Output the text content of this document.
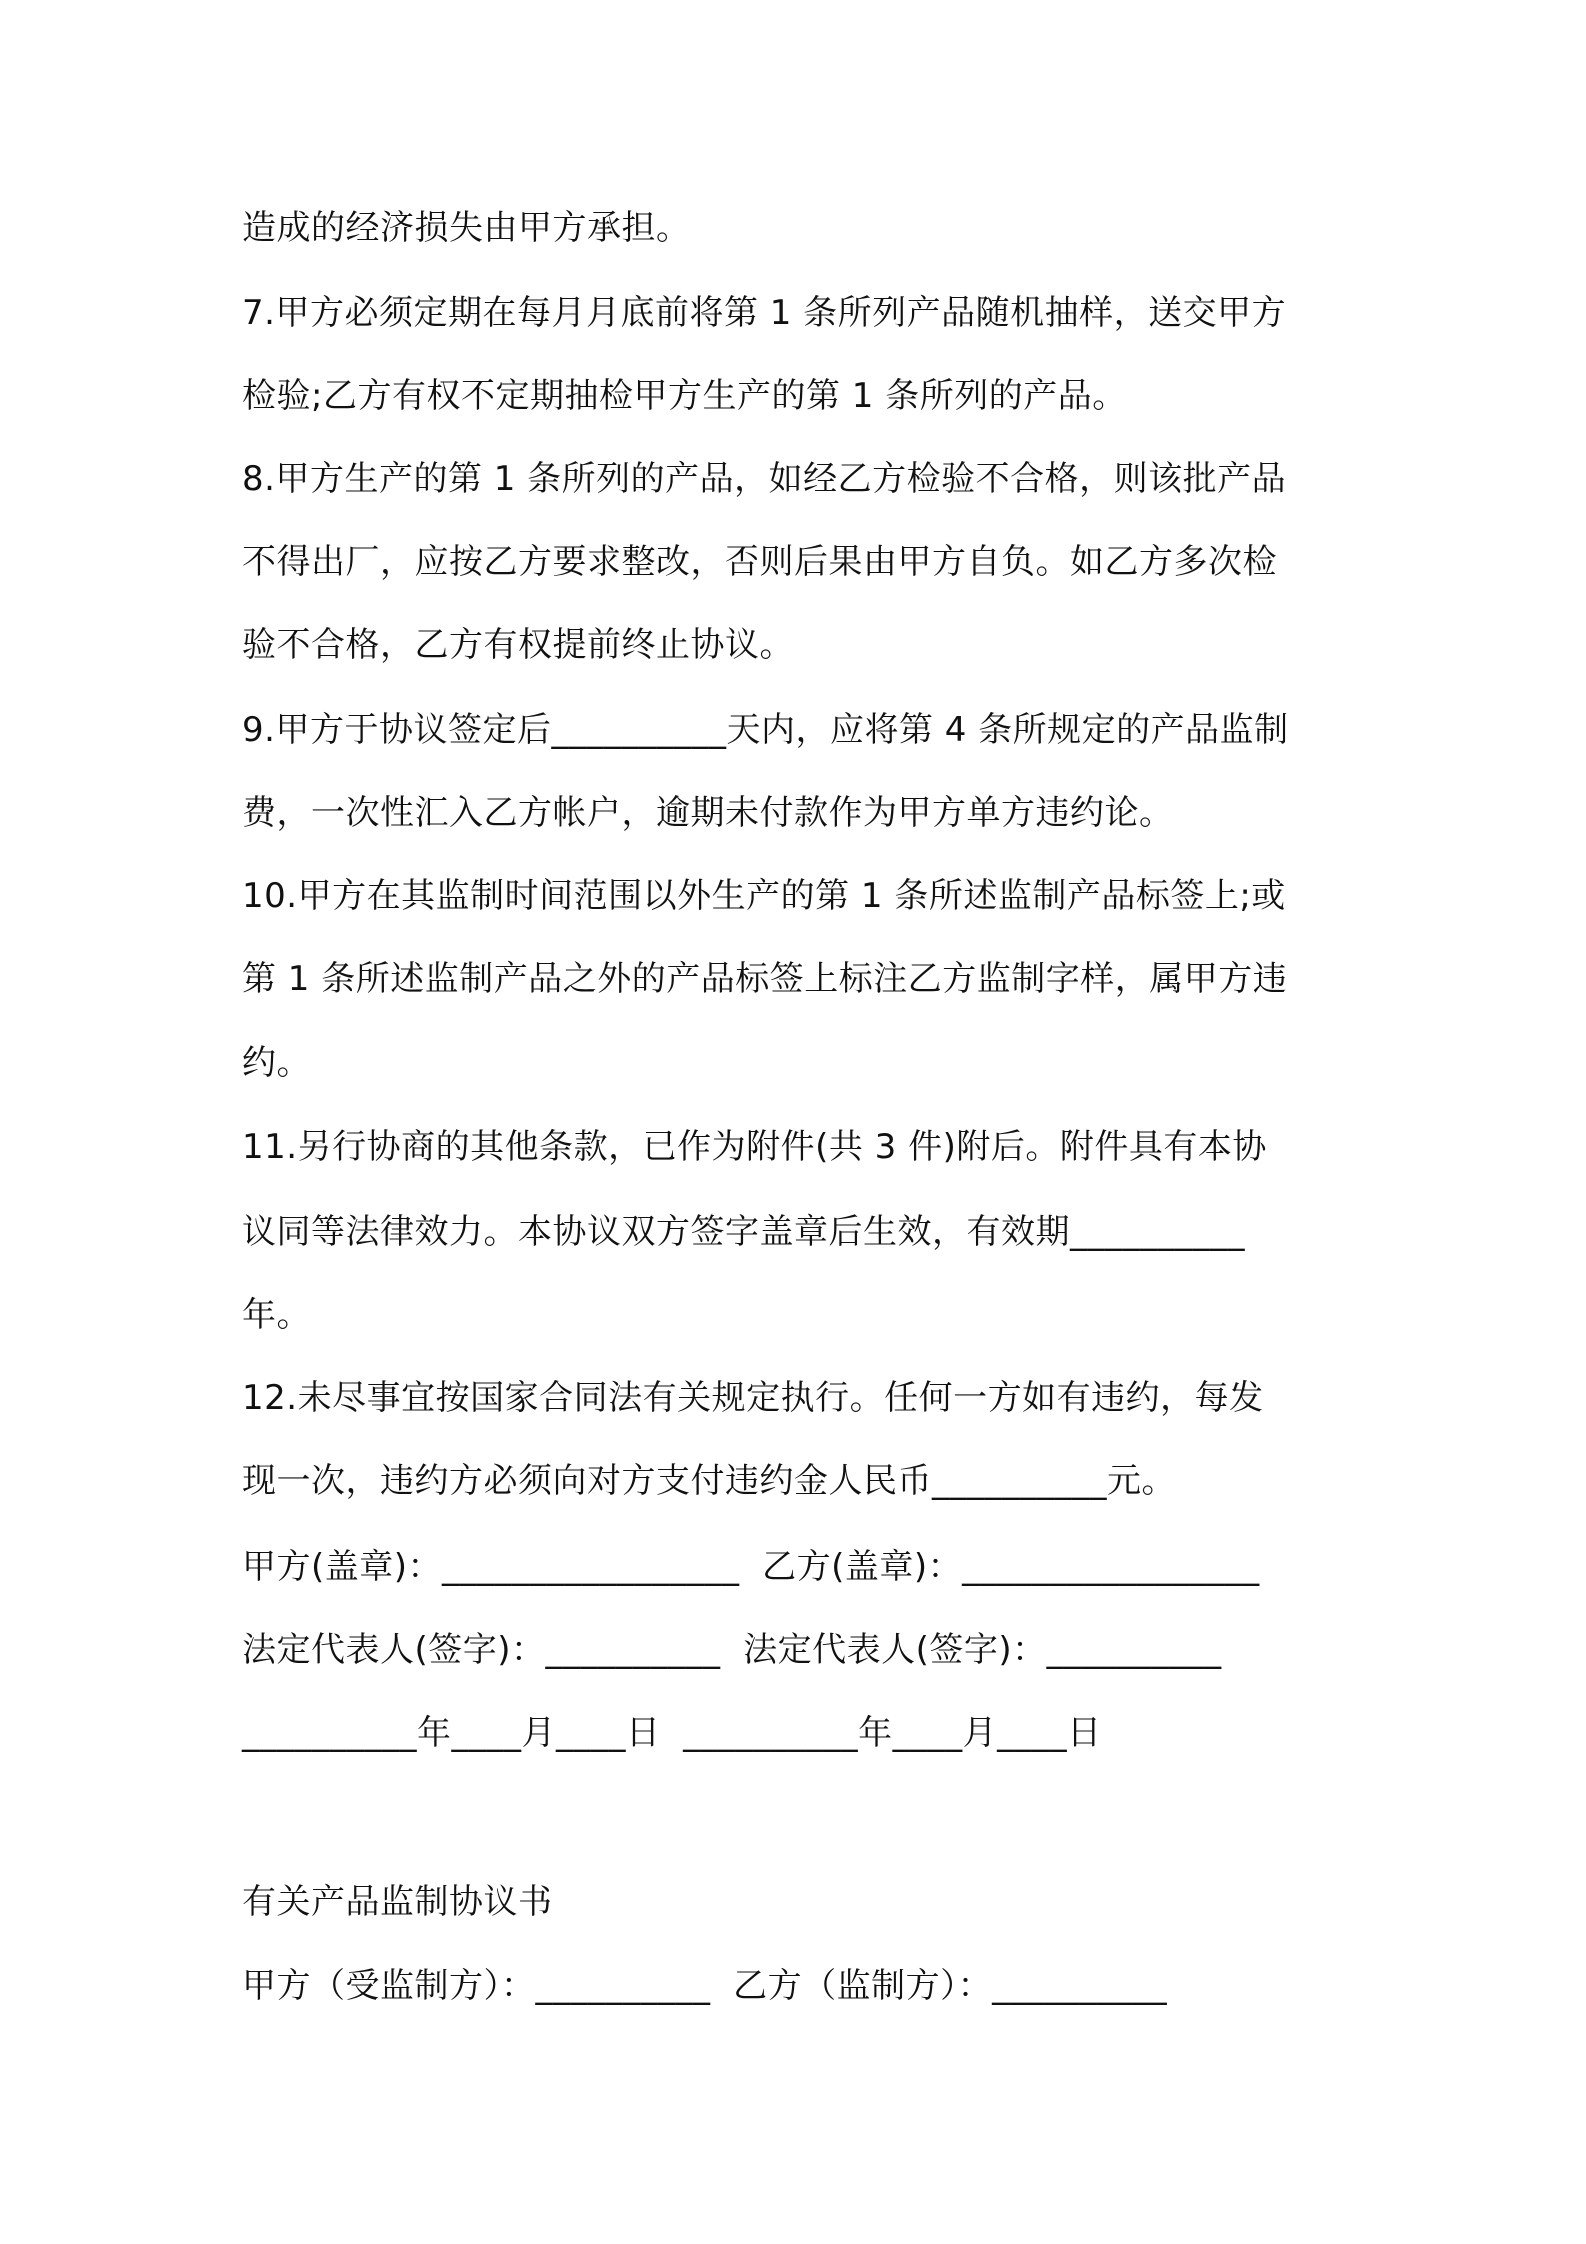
造成的经济损失由甲方承担。
7.甲方必须定期在每月月底前将第 1 条所列产品随机抽样，送交甲方
检验;乙方有权不定期抽检甲方生产的第 1 条所列的产品。
8.甲方生产的第 1 条所列的产品，如经乙方检验不合格，则该批产品
不得出厂，应按乙方要求整改，否则后果由甲方自负。如乙方多次检
验不合格，乙方有权提前终止协议。
9.甲方于协议签定后__________天内，应将第 4 条所规定的产品监制
费，一次性汇入乙方帐户，逾期未付款作为甲方单方违约论。
10.甲方在其监制时间范围以外生产的第 1 条所述监制产品标签上;或
第 1 条所述监制产品之外的产品标签上标注乙方监制字样，属甲方违
约。
11.另行协商的其他条款，已作为附件(共 3 件)附后。附件具有本协
议同等法律效力。本协议双方签字盖章后生效，有效期__________
年。
12.未尽事宜按国家合同法有关规定执行。任何一方如有违约，每发
现一次，违约方必须向对方支付违约金人民币__________元。
甲方(盖章)：_________________  乙方(盖章)：_________________
法定代表人(签字)：__________  法定代表人(签字)：__________
__________年____月____日  __________年____月____日
有关产品监制协议书
甲方（受监制方）：__________  乙方（监制方）：__________
